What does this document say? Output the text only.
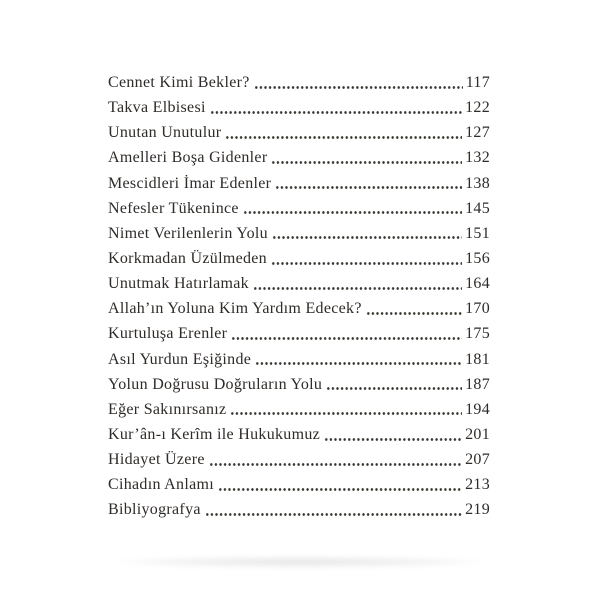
Cennet Kimi Bekler?	117
Takva Elbisesi	122
Unutan Unutulur	127
Amelleri Boşa Gidenler	132
Mescidleri İmar Edenler	138
Nefesler Tükenince	145
Nimet Verilenlerin Yolu	151
Korkmadan Üzülmeden	156
Unutmak Hatırlamak	164
Allah’ın Yoluna Kim Yardım Edecek?	170
Kurtuluşa Erenler	175
Asıl Yurdun Eşiğinde	181
Yolun Doğrusu Doğruların Yolu	187
Eğer Sakınırsanız	194
Kur’ân-ı Kerîm ile Hukukumuz	201
Hidayet Üzere	207
Cihadın Anlamı	213
Bibliyografya	219
